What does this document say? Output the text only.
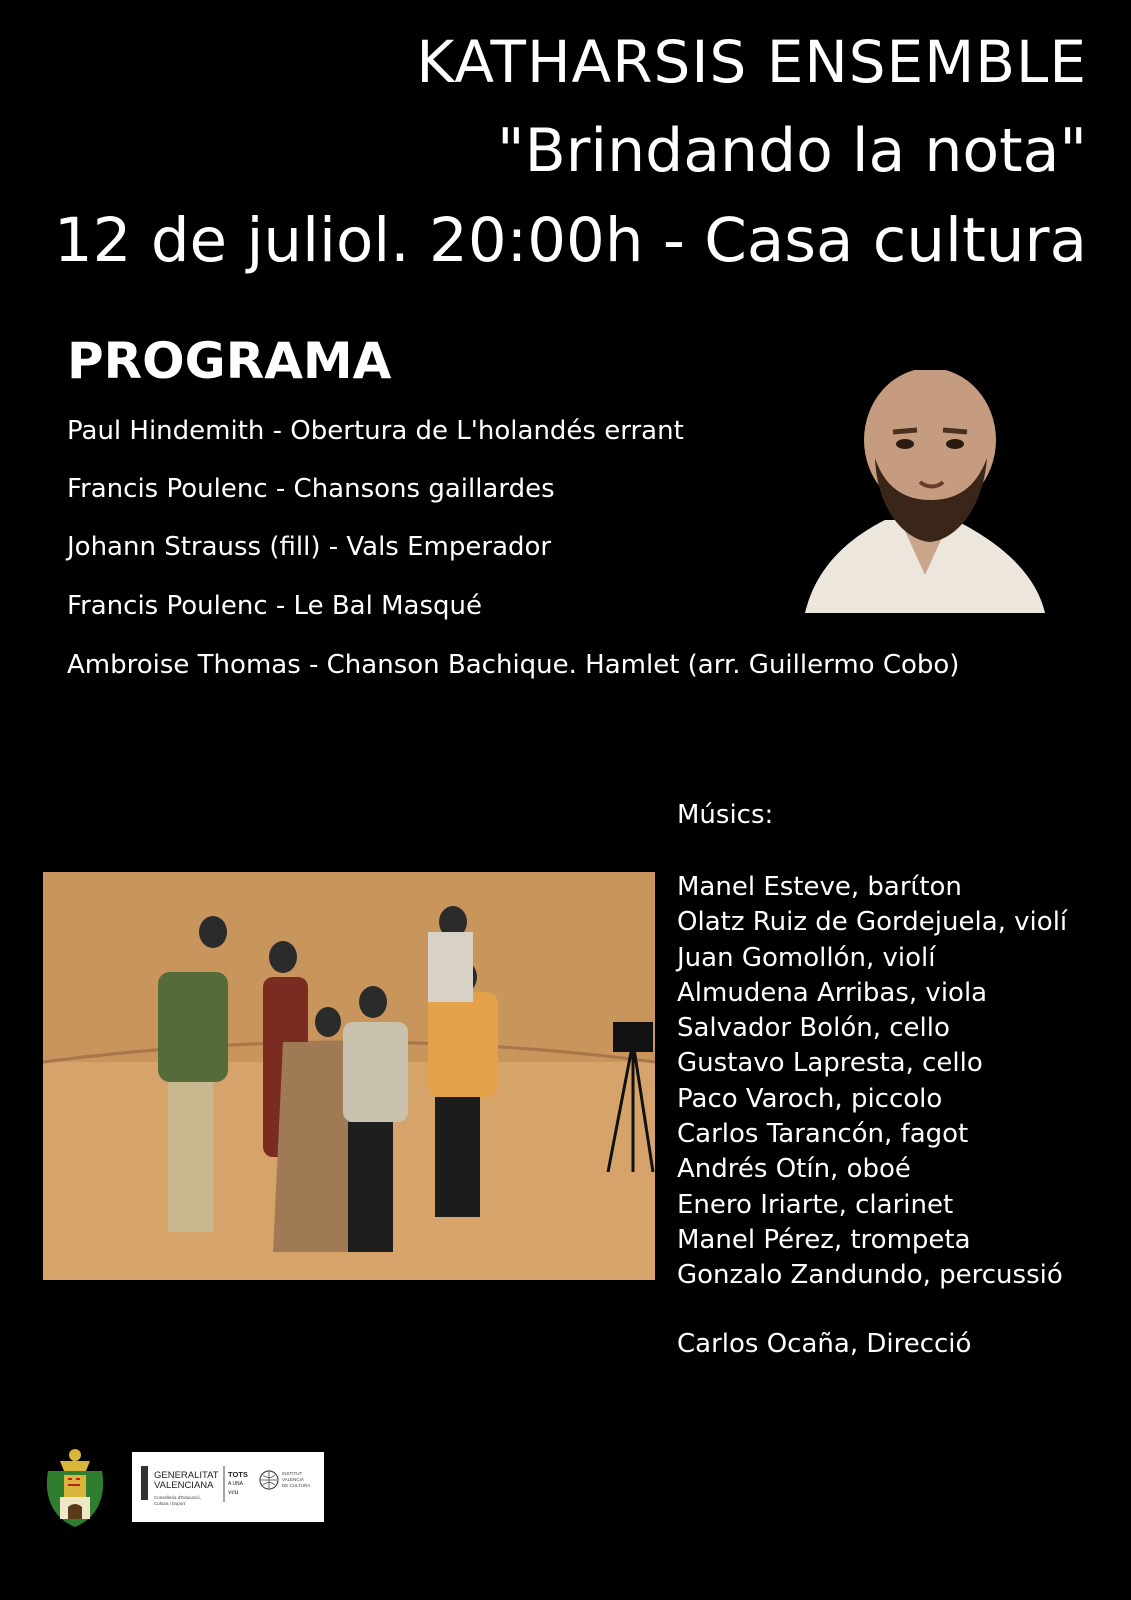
KATHARSIS ENSEMBLE
"Brindando la nota"
12 de juliol. 20:00h - Casa cultura
PROGRAMA
Paul Hindemith - Obertura de L'holandés errant
Francis Poulenc - Chansons gaillardes
Johann Strauss (fill) - Vals Emperador
Francis Poulenc - Le Bal Masqué
Ambroise Thomas - Chanson Bachique. Hamlet (arr. Guillermo Cobo)
Músics:
Manel Esteve, barίton
Olatz Ruiz de Gordejuela, violí
Juan Gomollón, violí
Almudena Arribas, viola
Salvador Bolón, cello
Gustavo Lapresta, cello
Paco Varoch, piccolo
Carlos Tarancón, fagot
Andrés Otín, oboé
Enero Iriarte, clarinet
Manel Pérez, trompeta
Gonzalo Zandundo, percussió
Carlos Ocaña, Direcció
GENERALITAT
VALENCIANA
Conselleria d'Educació,
Cultura i Esport
TOTS
A UNA
veu
INSTITUT
VALENCIÀ
DE CULTURA
